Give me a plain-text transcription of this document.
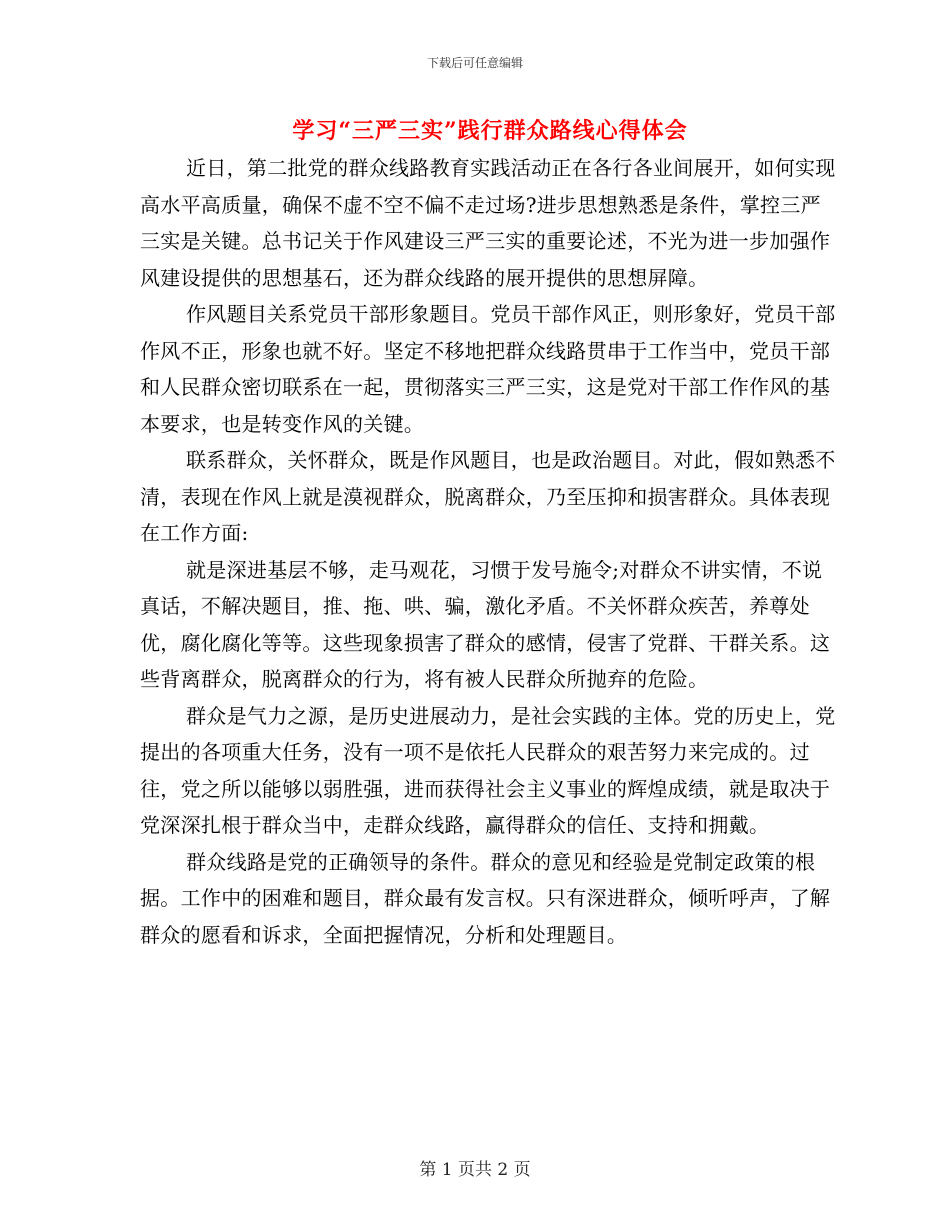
下载后可任意编辑
学习“三严三实”践行群众路线心得体会

近日，第二批党的群众线路教育实践活动正在各行各业间展开，如何实现高水平高质量，确保不虚不空不偏不走过场?进步思想熟悉是条件，掌控三严三实是关键。总书记关于作风建设三严三实的重要论述，不光为进一步加强作风建设提供的思想基石，还为群众线路的展开提供的思想屏障。

作风题目关系党员干部形象题目。党员干部作风正，则形象好，党员干部作风不正，形象也就不好。坚定不移地把群众线路贯串于工作当中，党员干部和人民群众密切联系在一起，贯彻落实三严三实，这是党对干部工作作风的基本要求，也是转变作风的关键。

联系群众，关怀群众，既是作风题目，也是政治题目。对此，假如熟悉不清，表现在作风上就是漠视群众，脱离群众，乃至压抑和损害群众。具体表现在工作方面:

就是深进基层不够，走马观花，习惯于发号施令;对群众不讲实情，不说真话，不解决题目，推、拖、哄、骗，激化矛盾。不关怀群众疾苦，养尊处优，腐化腐化等等。这些现象损害了群众的感情，侵害了党群、干群关系。这些背离群众，脱离群众的行为，将有被人民群众所抛弃的危险。

群众是气力之源，是历史进展动力，是社会实践的主体。党的历史上，党提出的各项重大任务，没有一项不是依托人民群众的艰苦努力来完成的。过往，党之所以能够以弱胜强，进而获得社会主义事业的辉煌成绩，就是取决于党深深扎根于群众当中，走群众线路，赢得群众的信任、支持和拥戴。

群众线路是党的正确领导的条件。群众的意见和经验是党制定政策的根据。工作中的困难和题目，群众最有发言权。只有深进群众，倾听呼声，了解群众的愿看和诉求，全面把握情况，分析和处理题目。

第 1 页共 2 页
